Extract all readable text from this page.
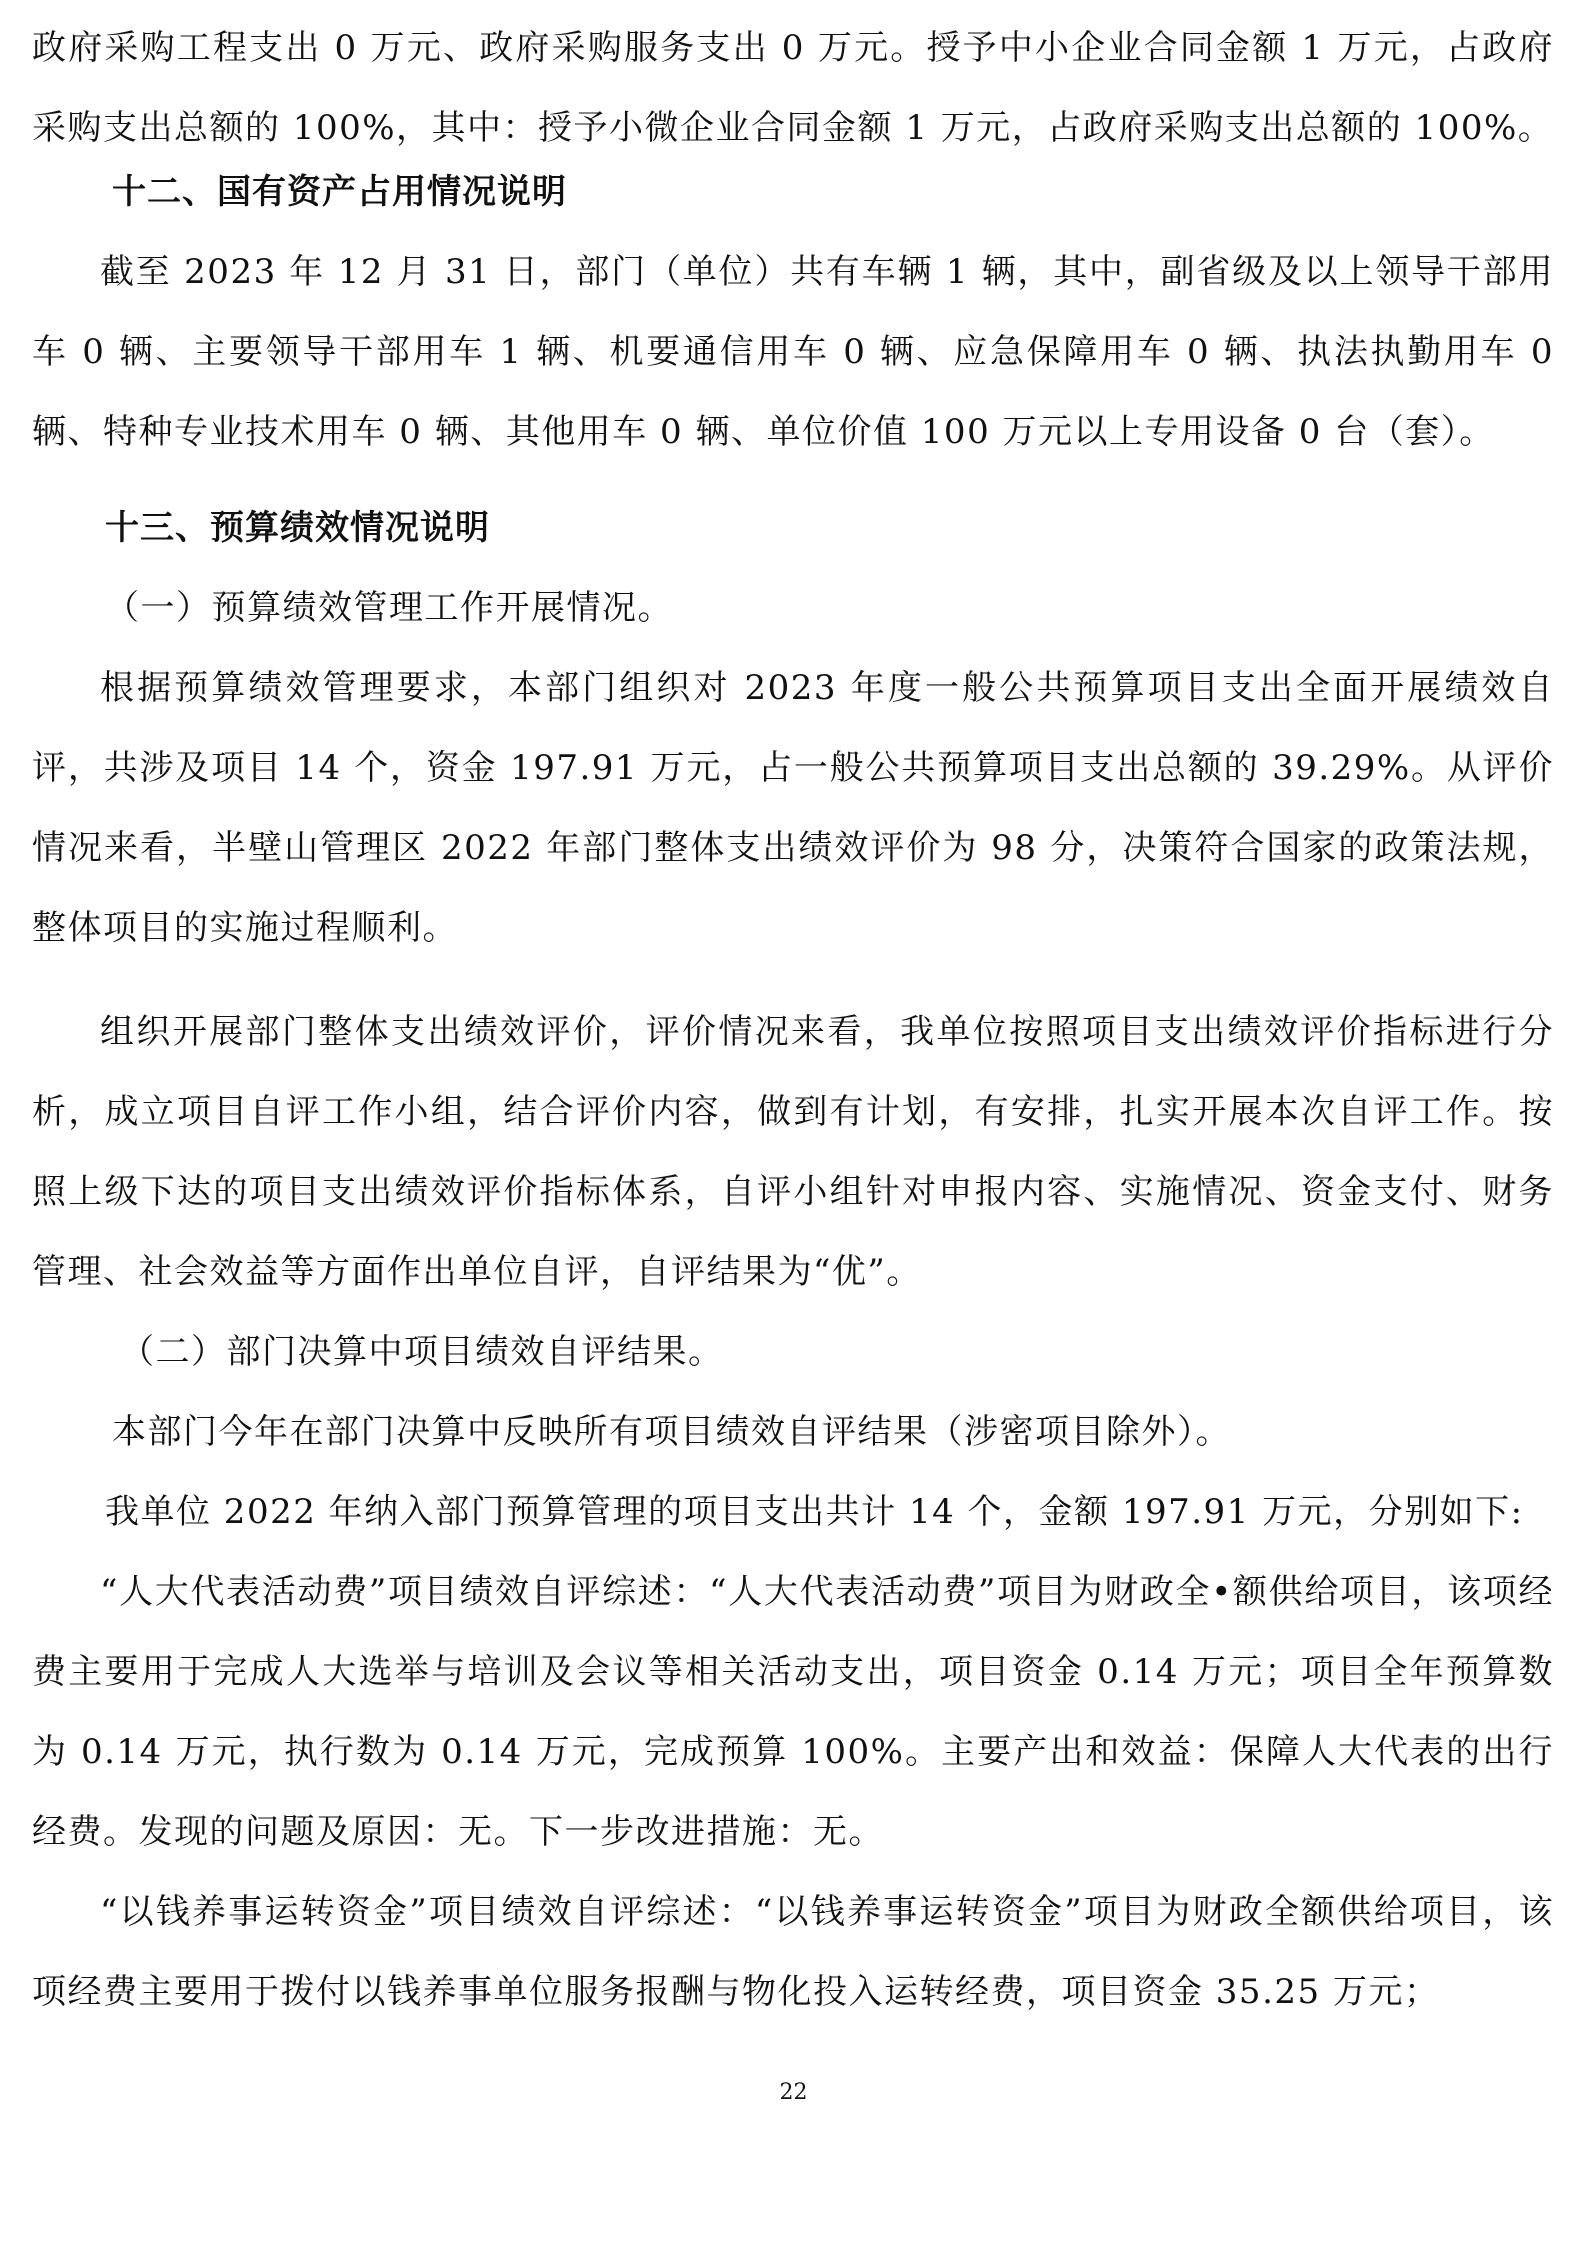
政府采购工程支出 0 万元、政府采购服务支出 0 万元。授予中小企业合同金额 1 万元，占政府采购支出总额的 100%，其中：授予小微企业合同金额 1 万元，占政府采购支出总额的 100%。

十二、国有资产占用情况说明

截至 2023 年 12 月 31 日，部门（单位）共有车辆 1 辆，其中，副省级及以上领导干部用车 0 辆、主要领导干部用车 1 辆、机要通信用车 0 辆、应急保障用车 0 辆、执法执勤用车 0 辆、特种专业技术用车 0 辆、其他用车 0 辆、单位价值 100 万元以上专用设备 0 台（套）。

十三、预算绩效情况说明

（一）预算绩效管理工作开展情况。

根据预算绩效管理要求，本部门组织对 2023 年度一般公共预算项目支出全面开展绩效自评，共涉及项目 14 个，资金 197.91 万元，占一般公共预算项目支出总额的 39.29%。从评价情况来看，半壁山管理区 2022 年部门整体支出绩效评价为 98 分，决策符合国家的政策法规，整体项目的实施过程顺利。

组织开展部门整体支出绩效评价，评价情况来看，我单位按照项目支出绩效评价指标进行分析，成立项目自评工作小组，结合评价内容，做到有计划，有安排，扎实开展本次自评工作。按照上级下达的项目支出绩效评价指标体系，自评小组针对申报内容、实施情况、资金支付、财务管理、社会效益等方面作出单位自评，自评结果为“优”。

（二）部门决算中项目绩效自评结果。

本部门今年在部门决算中反映所有项目绩效自评结果（涉密项目除外）。

我单位 2022 年纳入部门预算管理的项目支出共计 14 个，金额 197.91 万元，分别如下:

“人大代表活动费”项目绩效自评综述：“人大代表活动费”项目为财政全•额供给项目，该项经费主要用于完成人大选举与培训及会议等相关活动支出，项目资金 0.14 万元；项目全年预算数为 0.14 万元，执行数为 0.14 万元，完成预算 100%。主要产出和效益：保障人大代表的出行经费。发现的问题及原因：无。下一步改进措施：无。

“以钱养事运转资金”项目绩效自评综述：“以钱养事运转资金”项目为财政全额供给项目，该项经费主要用于拨付以钱养事单位服务报酬与物化投入运转经费，项目资金 35.25 万元；

22
